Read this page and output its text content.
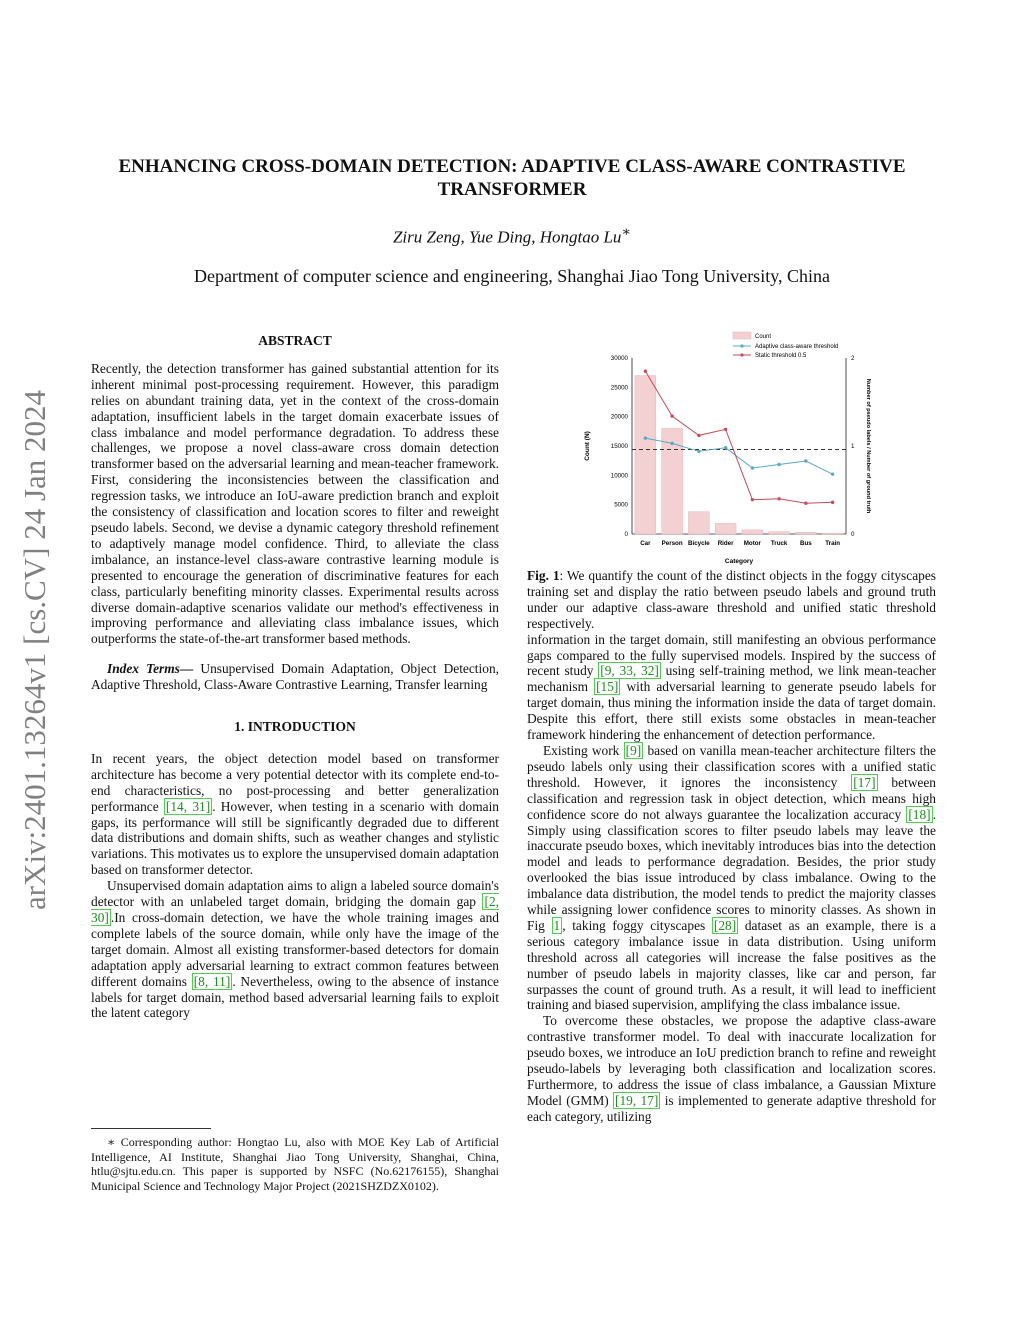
ENHANCING CROSS-DOMAIN DETECTION: ADAPTIVE CLASS-AWARE CONTRASTIVE TRANSFORMER
Ziru Zeng, Yue Ding, Hongtao Lu∗
Department of computer science and engineering, Shanghai Jiao Tong University, China
arXiv:2401.13264v1 [cs.CV] 24 Jan 2024
ABSTRACT

Recently, the detection transformer has gained substantial attention for its inherent minimal post-processing requirement. However, this paradigm relies on abundant training data, yet in the context of the cross-domain adaptation, insufficient labels in the target domain exacerbate issues of class imbalance and model performance degradation. To address these challenges, we propose a novel class-aware cross domain detection transformer based on the adversarial learning and mean-teacher framework. First, considering the inconsistencies between the classification and regression tasks, we introduce an IoU-aware prediction branch and exploit the consistency of classification and location scores to filter and reweight pseudo labels. Second, we devise a dynamic category threshold refinement to adaptively manage model confidence. Third, to alleviate the class imbalance, an instance-level class-aware contrastive learning module is presented to encourage the generation of discriminative features for each class, particularly benefiting minority classes. Experimental results across diverse domain-adaptive scenarios validate our method's effectiveness in improving performance and alleviating class imbalance issues, which outperforms the state-of-the-art transformer based methods.

Index Terms— Unsupervised Domain Adaptation, Object Detection, Adaptive Threshold, Class-Aware Contrastive Learning, Transfer learning

1. INTRODUCTION

In recent years, the object detection model based on transformer architecture has become a very potential detector with its complete end-to-end characteristics, no post-processing and better generalization performance [14, 31] . However, when testing in a scenario with domain gaps, its performance will still be significantly degraded due to different data distributions and domain shifts, such as weather changes and stylistic variations. This motivates us to explore the unsupervised domain adaptation based on transformer detector.

Unsupervised domain adaptation aims to align a labeled source domain's detector with an unlabeled target domain, bridging the domain gap [2, 30] .In cross-domain detection, we have the whole training images and complete labels of the source domain, while only have the image of the target domain. Almost all existing transformer-based detectors for domain adaptation apply adversarial learning to extract common features between different domains [8, 11] . Nevertheless, owing to the absence of instance labels for target domain, method based adversarial learning fails to exploit the latent category

∗ Corresponding author: Hongtao Lu, also with MOE Key Lab of Artificial Intelligence, AI Institute, Shanghai Jiao Tong University, Shanghai, China, htlu@sjtu.edu.cn. This paper is supported by NSFC (No.62176155), Shanghai Municipal Science and Technology Major Project (2021SHZDZX0102).
0
5000
10000
15000
20000
25000
30000
0
1
2
Car Person Bicycle Rider Motor Truck Bus Train
Count (N)	Number of pseudo labels / Number of ground truth
Category
Count
Adaptive class-aware threshold
Static threshold 0.5

Fig. 1: We quantify the count of the distinct objects in the foggy cityscapes training set and display the ratio between pseudo labels and ground truth under our adaptive class-aware threshold and unified static threshold respectively.

information in the target domain, still manifesting an obvious performance gaps compared to the fully supervised models. Inspired by the success of recent study [9, 33, 32] using self-training method, we link mean-teacher mechanism [15] with adversarial learning to generate pseudo labels for target domain, thus mining the information inside the data of target domain. Despite this effort, there still exists some obstacles in mean-teacher framework hindering the enhancement of detection performance.

Existing work [9] based on vanilla mean-teacher architecture filters the pseudo labels only using their classification scores with a unified static threshold. However, it ignores the inconsistency [17] between classification and regression task in object detection, which means high confidence score do not always guarantee the localization accuracy [18] . Simply using classification scores to filter pseudo labels may leave the inaccurate pseudo boxes, which inevitably introduces bias into the detection model and leads to performance degradation. Besides, the prior study overlooked the bias issue introduced by class imbalance. Owing to the imbalance data distribution, the model tends to predict the majority classes while assigning lower confidence scores to minority classes. As shown in Fig 1 , taking foggy cityscapes [28] dataset as an example, there is a serious category imbalance issue in data distribution. Using uniform threshold across all categories will increase the false positives as the number of pseudo labels in majority classes, like car and person, far surpasses the count of ground truth. As a result, it will lead to inefficient training and biased supervision, amplifying the class imbalance issue.

To overcome these obstacles, we propose the adaptive class-aware contrastive transformer model. To deal with inaccurate localization for pseudo boxes, we introduce an IoU prediction branch to refine and reweight pseudo-labels by leveraging both classification and localization scores. Furthermore, to address the issue of class imbalance, a Gaussian Mixture Model (GMM) [19, 17] is implemented to generate adaptive threshold for each category, utilizing
